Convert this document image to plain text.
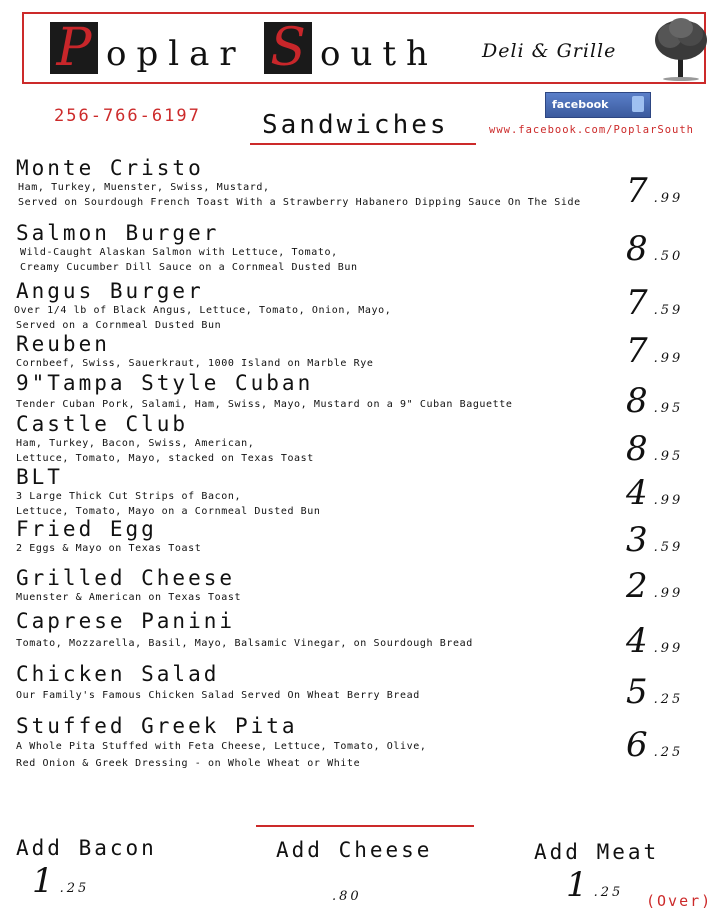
P oplar S outh Deli & Grille
256-766-6197 Sandwiches
facebook
www.facebook.com/PoplarSouth
Monte Cristo
Ham, Turkey, Muenster, Swiss, Mustard,
Served on Sourdough French Toast With a Strawberry Habanero Dipping Sauce On The Side	7 .99
Salmon Burger
Wild-Caught Alaskan Salmon with Lettuce, Tomato,
Creamy Cucumber Dill Sauce on a Cornmeal Dusted Bun	8 .50
Angus Burger
Over 1/4 lb of Black Angus, Lettuce, Tomato, Onion, Mayo,
Served on a Cornmeal Dusted Bun
7 .59
Reuben
Cornbeef, Swiss, Sauerkraut, 1000 Island on Marble Rye	7 .99
9"Tampa Style Cuban
Tender Cuban Pork, Salami, Ham, Swiss, Mayo, Mustard on a 9" Cuban Baguette	8 .95
Castle Club
Ham, Turkey, Bacon, Swiss, American,
Lettuce, Tomato, Mayo, stacked on Texas Toast	8 .95
BLT
3 Large Thick Cut Strips of Bacon,
Lettuce, Tomato, Mayo on a Cornmeal Dusted Bun	4 .99
Fried Egg
2 Eggs & Mayo on Texas Toast	3 .59
Grilled Cheese
Muenster & American on Texas Toast	2 .99
Caprese Panini
Tomato, Mozzarella, Basil, Mayo, Balsamic Vinegar, on Sourdough Bread	4 .99
Chicken Salad
Our Family's Famous Chicken Salad Served On Wheat Berry Bread	5 .25
Stuffed Greek Pita
A Whole Pita Stuffed with Feta Cheese, Lettuce, Tomato, Olive,
Red Onion & Greek Dressing - on Whole Wheat or White	6 .25
Add Bacon
1 .25
Add Cheese
.80
Add Meat
1 .25 (Over)
